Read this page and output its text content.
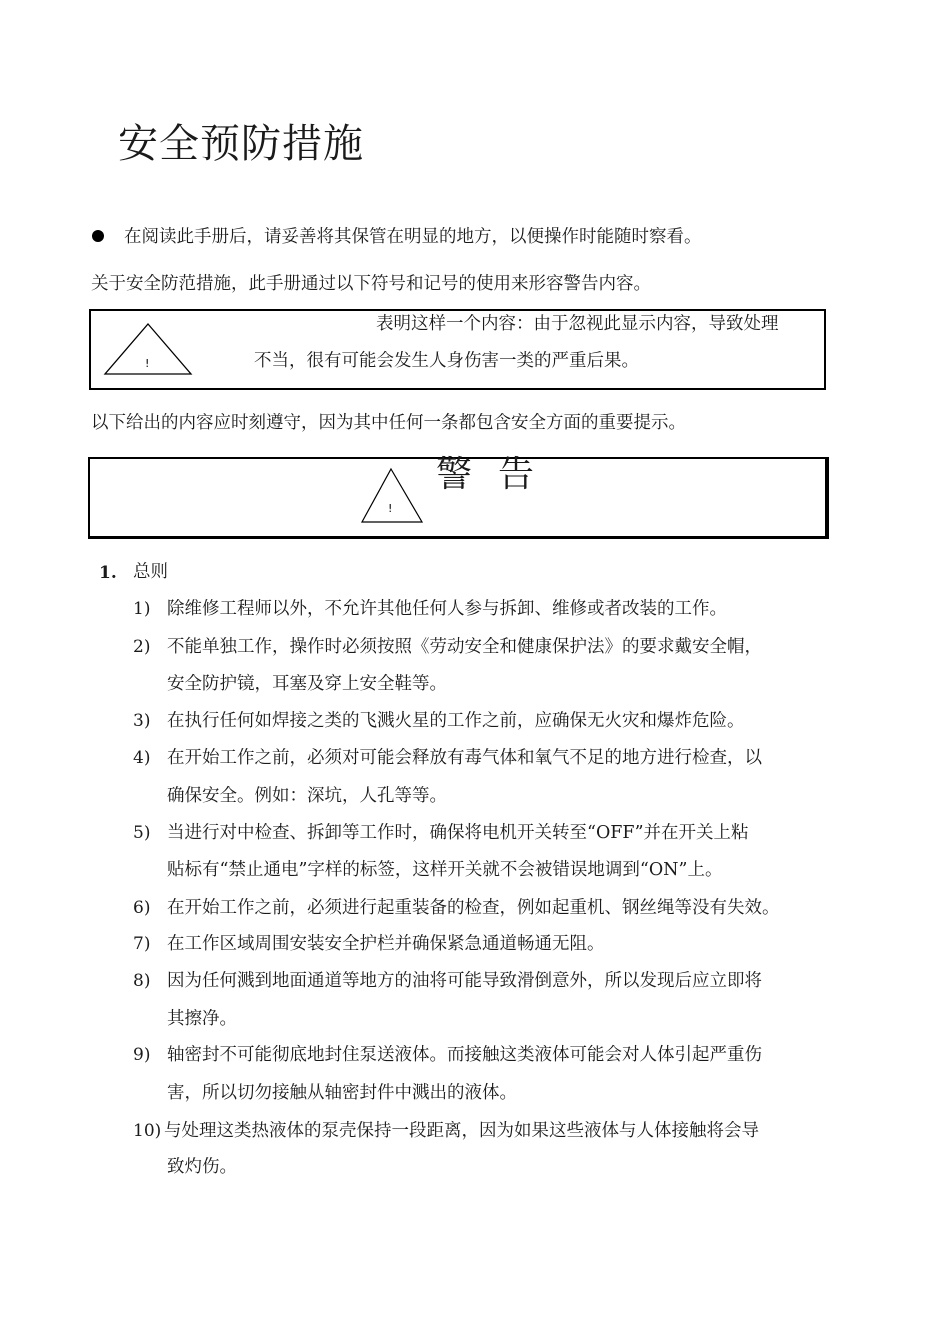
安全预防措施
在阅读此手册后，请妥善将其保管在明显的地方，以便操作时能随时察看。
关于安全防范措施，此手册通过以下符号和记号的使用来形容警告内容。
!
表明这样一个内容：由于忽视此显示内容，导致处理
不当，很有可能会发生人身伤害一类的严重后果。
以下给出的内容应时刻遵守，因为其中任何一条都包含安全方面的重要提示。
!
警告
1. 总则
1) 除维修工程师以外，不允许其他任何人参与拆卸、维修或者改装的工作。
2) 不能单独工作，操作时必须按照《劳动安全和健康保护法》的要求戴安全帽，
安全防护镜，耳塞及穿上安全鞋等。
3) 在执行任何如焊接之类的飞溅火星的工作之前，应确保无火灾和爆炸危险。
4) 在开始工作之前，必须对可能会释放有毒气体和氧气不足的地方进行检查，以
确保安全。例如：深坑，人孔等等。
5) 当进行对中检查、拆卸等工作时，确保将电机开关转至“OFF”并在开关上粘
贴标有“禁止通电”字样的标签，这样开关就不会被错误地调到“ON”上。
6) 在开始工作之前，必须进行起重装备的检查，例如起重机、钢丝绳等没有失效。
7) 在工作区域周围安装安全护栏并确保紧急通道畅通无阻。
8) 因为任何溅到地面通道等地方的油将可能导致滑倒意外，所以发现后应立即将
其擦净。
9) 轴密封不可能彻底地封住泵送液体。而接触这类液体可能会对人体引起严重伤
害，所以切勿接触从轴密封件中溅出的液体。
10) 与处理这类热液体的泵壳保持一段距离，因为如果这些液体与人体接触将会导
致灼伤。
